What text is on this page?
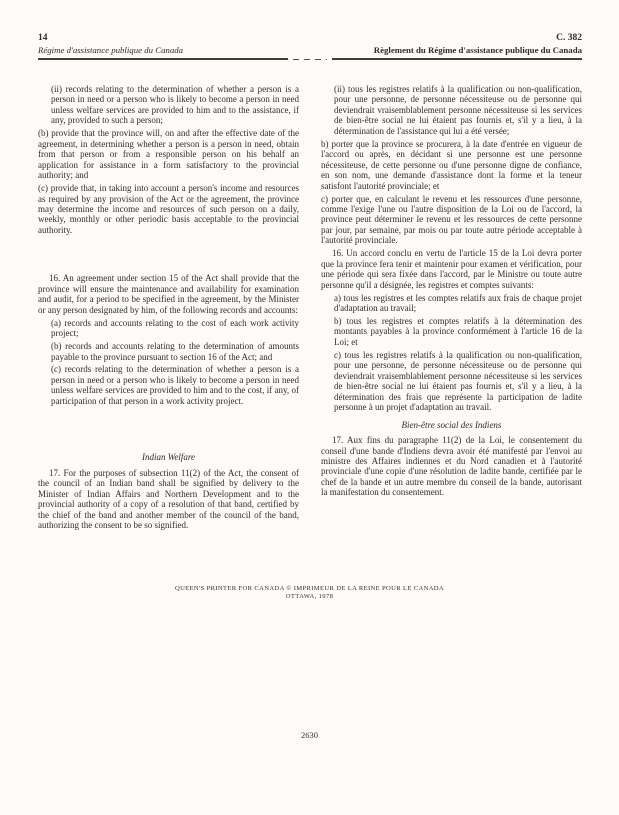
14	C. 382
Régime d'assistance publique du Canada	Règlement du Régime d'assistance publique du Canada

(ii) records relating to the determination of whether a person is a person in need or a person who is likely to become a person in need unless welfare services are provided to him and to the assistance, if any, provided to such a person;

(b) provide that the province will, on and after the effective date of the agreement, in determining whether a person is a person in need, obtain from that person or from a responsible person on his behalf an application for assistance in a form satisfactory to the provincial authority; and

(c) provide that, in taking into account a person's income and resources as required by any provision of the Act or the agreement, the province may determine the income and resources of such person on a daily, weekly, monthly or other periodic basis acceptable to the provincial authority.

16. An agreement under section 15 of the Act shall provide that the province will ensure the maintenance and availability for examination and audit, for a period to be specified in the agreement, by the Minister or any person designated by him, of the following records and accounts:

(a) records and accounts relating to the cost of each work activity project;

(b) records and accounts relating to the determination of amounts payable to the province pursuant to section 16 of the Act; and

(c) records relating to the determination of whether a person is a person in need or a person who is likely to become a person in need unless welfare services are provided to him and to the cost, if any, of participation of that person in a work activity project.

Indian Welfare

17. For the purposes of subsection 11(2) of the Act, the consent of the council of an Indian band shall be signified by delivery to the Minister of Indian Affairs and Northern Development and to the provincial authority of a copy of a resolution of that band, certified by the chief of the band and another member of the council of the band, authorizing the consent to be so signified.

(ii) tous les registres relatifs à la qualification ou non-qualification, pour une personne, de personne nécessiteuse ou de personne qui deviendrait vraisemblablement personne nécessiteuse si les services de bien-être social ne lui étaient pas fournis et, s'il y a lieu, à la détermination de l'assistance qui lui a été versée;

b) porter que la province se procurera, à la date d'entrée en vigueur de l'accord ou après, en décidant si une personne est une personne nécessiteuse, de cette personne ou d'une personne digne de confiance, en son nom, une demande d'assistance dont la forme et la teneur satisfont l'autorité provinciale; et

c) porter que, en calculant le revenu et les ressources d'une personne, comme l'exige l'une ou l'autre disposition de la Loi ou de l'accord, la province peut déterminer le revenu et les ressources de cette personne par jour, par semaine, par mois ou par toute autre période acceptable à l'autorité provinciale.

16. Un accord conclu en vertu de l'article 15 de la Loi devra porter que la province fera tenir et maintenir pour examen et vérification, pour une période qui sera fixée dans l'accord, par le Ministre ou toute autre personne qu'il a désignée, les registres et comptes suivants:

a) tous les registres et les comptes relatifs aux frais de chaque projet d'adaptation au travail;

b) tous les registres et comptes relatifs à la détermination des montants payables à la province conformément à l'article 16 de la Loi; et

c) tous les registres relatifs à la qualification ou non-qualification, pour une personne, de personne nécessiteuse ou de personne qui deviendrait vraisemblablement personne nécessiteuse si les services de bien-être social ne lui étaient pas fournis et, s'il y a lieu, à la détermination des frais que représente la participation de ladite personne à un projet d'adaptation au travail.

Bien-être social des Indiens

17. Aux fins du paragraphe 11(2) de la Loi, le consentement du conseil d'une bande d'Indiens devra avoir été manifesté par l'envoi au ministre des Affaires indiennes et du Nord canadien et à l'autorité provinciale d'une copie d'une résolution de ladite bande, certifiée par le chef de la bande et un autre membre du conseil de la bande, autorisant la manifestation du consentement.

QUEEN'S PRINTER FOR CANADA © IMPRIMEUR DE LA REINE POUR LE CANADA
OTTAWA, 1978
2630
